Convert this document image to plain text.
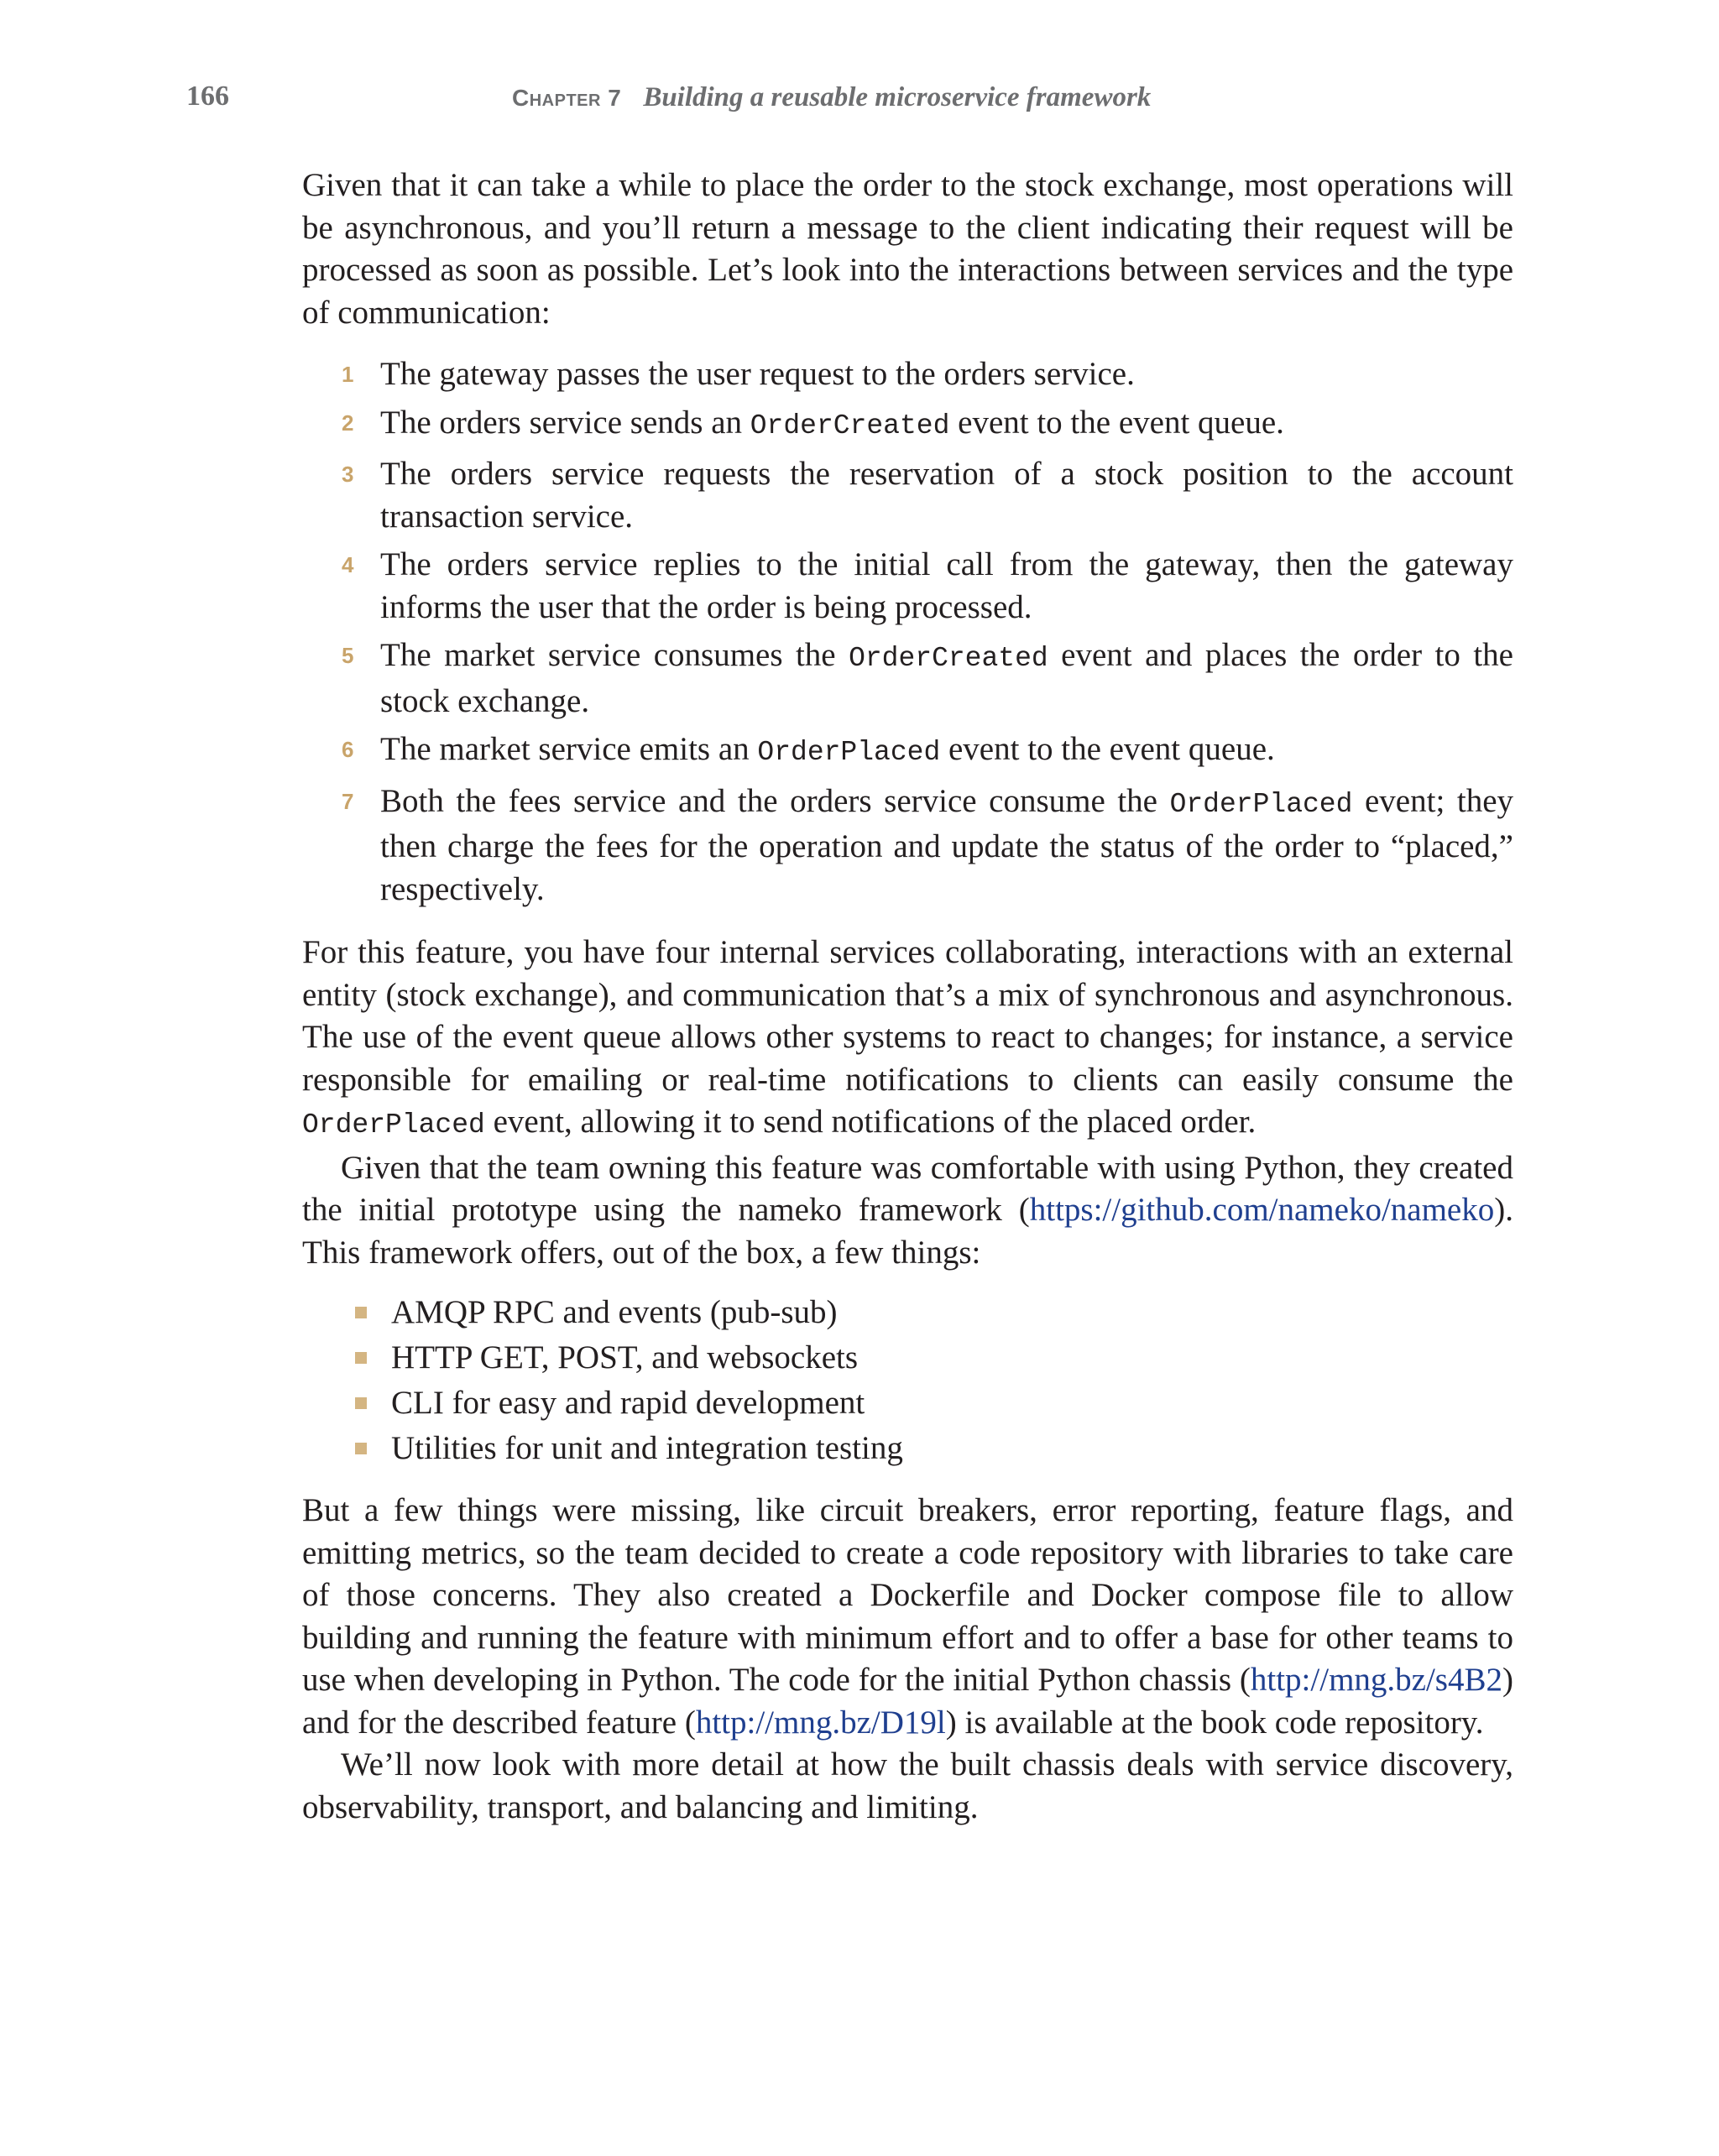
166	Chapter 7 Building a reusable microservice framework

Given that it can take a while to place the order to the stock exchange, most operations will be asynchronous, and you’ll return a message to the client indicating their request will be processed as soon as possible. Let’s look into the interactions between services and the type of communication:

1 The gateway passes the user request to the orders service.
2 The orders service sends an OrderCreated event to the event queue.
3 The orders service requests the reservation of a stock position to the account transaction service.
4 The orders service replies to the initial call from the gateway, then the gateway informs the user that the order is being processed.
5 The market service consumes the OrderCreated event and places the order to the stock exchange.
6 The market service emits an OrderPlaced event to the event queue.
7 Both the fees service and the orders service consume the OrderPlaced event; they then charge the fees for the operation and update the status of the order to “placed,” respectively.

For this feature, you have four internal services collaborating, interactions with an external entity (stock exchange), and communication that’s a mix of synchronous and asynchronous. The use of the event queue allows other systems to react to changes; for instance, a service responsible for emailing or real-time notifications to clients can easily consume the OrderPlaced event, allowing it to send notifications of the placed order.

Given that the team owning this feature was comfortable with using Python, they created the initial prototype using the nameko framework (https://github.com/nameko/nameko). This framework offers, out of the box, a few things:

AMQP RPC and events (pub-sub)
HTTP GET, POST, and websockets
CLI for easy and rapid development
Utilities for unit and integration testing

But a few things were missing, like circuit breakers, error reporting, feature flags, and emitting metrics, so the team decided to create a code repository with libraries to take care of those concerns. They also created a Dockerfile and Docker compose file to allow building and running the feature with minimum effort and to offer a base for other teams to use when developing in Python. The code for the initial Python chassis (http://mng.bz/s4B2) and for the described feature (http://mng.bz/D19l) is available at the book code repository.

We’ll now look with more detail at how the built chassis deals with service discovery, observability, transport, and balancing and limiting.
